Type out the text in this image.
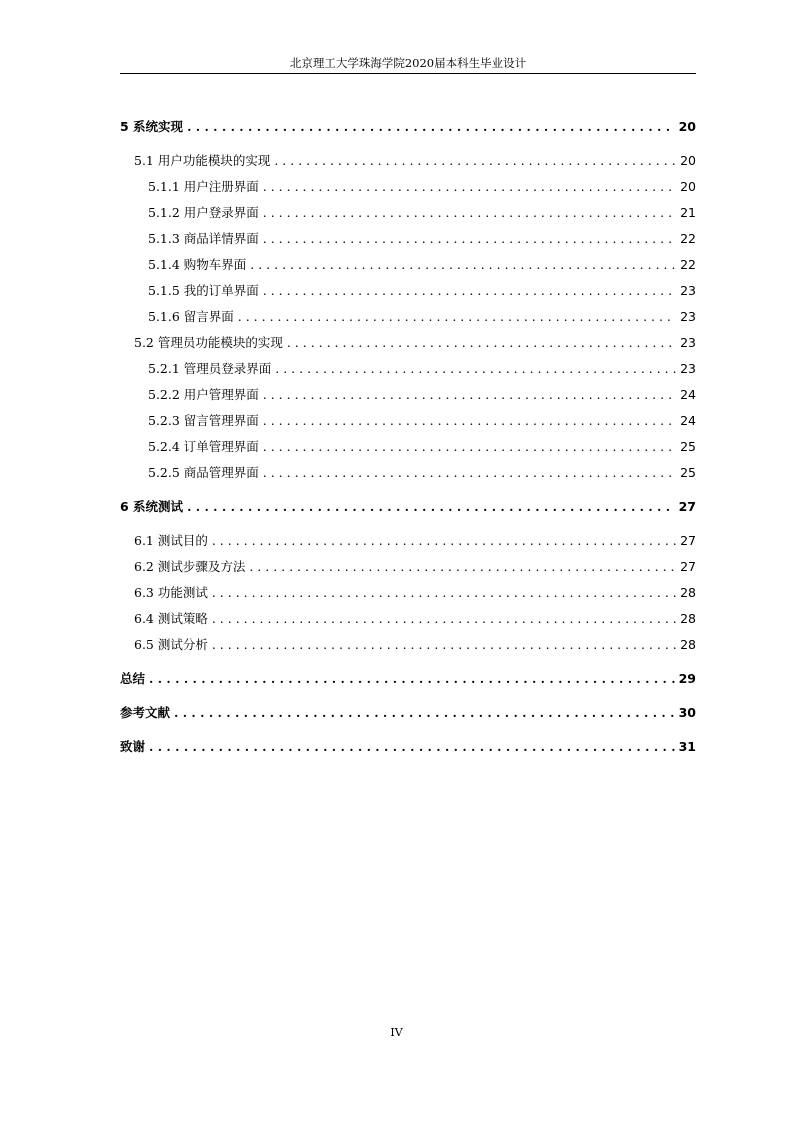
北京理工大学珠海学院2020届本科生毕业设计
5 系统实现 . . .	20
5.1 用户功能模块的实现 . . .	20
5.1.1 用户注册界面 . . .	20
5.1.2 用户登录界面 . . .	21
5.1.3 商品详情界面 . . .	22
5.1.4 购物车界面 . . .	22
5.1.5 我的订单界面 . . .	23
5.1.6 留言界面 . . .	23
5.2 管理员功能模块的实现 . . .	23
5.2.1 管理员登录界面 . . .	23
5.2.2 用户管理界面 . . .	24
5.2.3 留言管理界面 . . .	24
5.2.4 订单管理界面 . . .	25
5.2.5 商品管理界面 . . .	25
6 系统测试 . . .	27
6.1 测试目的 . . .	27
6.2 测试步骤及方法 . . .	27
6.3 功能测试 . . .	28
6.4 测试策略 . . .	28
6.5 测试分析 . . .	28
总结 . . .	29
参考文献 . . .	30
致谢 . . .	31
IV
